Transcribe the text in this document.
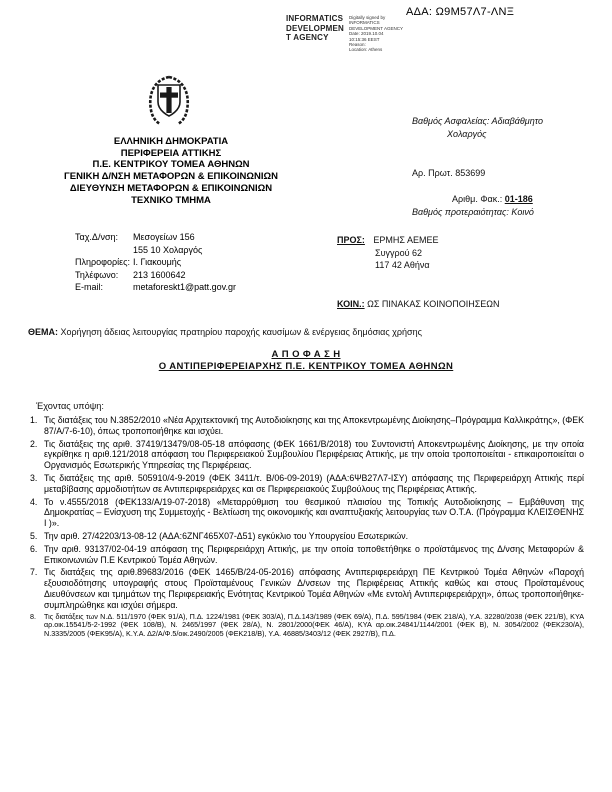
ΑΔΑ: Ω9Μ57Λ7-ΛΝΞ
INFORMATICS
DEVELOPMEN
T AGENCY
Digitally signed by
INFORMATICS
DEVELOPMENT AGENCY
Date: 2019.10.04
10:15:36 EEST
Reason:
Location: Athens
ΕΛΛΗΝΙΚΗ ΔΗΜΟΚΡΑΤΙΑ
ΠΕΡΙΦΕΡΕΙΑ ΑΤΤΙΚΗΣ
Π.Ε. ΚΕΝΤΡΙΚΟΥ ΤΟΜΕΑ ΑΘΗΝΩΝ
ΓΕΝΙΚΗ Δ/ΝΣΗ ΜΕΤΑΦΟΡΩΝ & ΕΠΙΚΟΙΝΩΝΙΩΝ
ΔΙΕΥΘΥΝΣΗ ΜΕΤΑΦΟΡΩΝ & ΕΠΙΚΟΙΝΩΝΙΩΝ
ΤΕΧΝΙΚΟ ΤΜΗΜΑ
Ταχ.Δ/νση:	Μεσογείων 156
155 10 Χολαργός
Πληροφορίες: Ι. Γιακουμής
Τηλέφωνο:	213 1600642
E-mail:	metaforeskt1@patt.gov.gr
Βαθμός Ασφαλείας: Αδιαβάθμητο
Χολαργός
Αρ. Πρωτ. 853699
Αριθμ. Φακ.: 01-186
Βαθμός προτεραιότητας: Κοινό
ΠΡΟΣ: ΕΡΜΗΣ ΑΕΜΕΕ
Συγγρού 62
117 42 Αθήνα
ΚΟΙΝ.: ΩΣ ΠΙΝΑΚΑΣ ΚΟΙΝΟΠΟΙΗΣΕΩΝ
ΘΕΜΑ: Χορήγηση άδειας λειτουργίας πρατηρίου παροχής καυσίμων & ενέργειας δημόσιας χρήσης
Α Π Ο Φ Α Σ Η
Ο ΑΝΤΙΠΕΡΙΦΕΡΕΙΑΡΧΗΣ Π.Ε. ΚΕΝΤΡΙΚΟΥ ΤΟΜΕΑ ΑΘΗΝΩΝ
Έχοντας υπόψη:
1. Τις διατάξεις του Ν.3852/2010 «Νέα Αρχιτεκτονική της Αυτοδιοίκησης και της Αποκεντρωμένης Διοίκησης–Πρόγραμμα Καλλικράτης», (ΦΕΚ 87/Α/7-6-10), όπως τροποποιήθηκε και ισχύει.
2. Τις διατάξεις της αριθ. 37419/13479/08-05-18 απόφασης (ΦΕΚ 1661/Β/2018) του Συντονιστή Αποκεντρωμένης Διοίκησης, με την οποία εγκρίθηκε η αριθ.121/2018 απόφαση του Περιφερειακού Συμβουλίου Περιφέρειας Αττικής, με την οποία τροποποιείται - επικαιροποιείται ο Οργανισμός Εσωτερικής Υπηρεσίας της Περιφέρειας.
3. Τις διατάξεις της αριθ. 505910/4-9-2019 (ΦΕΚ 3411/τ. Β/06-09-2019) (ΑΔΑ:6ΨΒ27Λ7-ΙΣΥ) απόφασης της Περιφερειάρχη Αττικής περί μεταβίβασης αρμοδιοτήτων σε Αντιπεριφερειάρχες και σε Περιφερειακούς Συμβούλους της Περιφέρειας Αττικής.
4. Το ν.4555/2018 (ΦΕΚ133/Α/19-07-2018) «Μεταρρύθμιση του θεσμικού πλαισίου της Τοπικής Αυτοδιοίκησης – Εμβάθυνση της Δημοκρατίας – Ενίσχυση της Συμμετοχής - Βελτίωση της οικονομικής και αναπτυξιακής λειτουργίας των Ο.Τ.Α. (Πρόγραμμα ΚΛΕΙΣΘΕΝΗΣ Ι )».
5. Την αριθ. 27/42203/13-08-12 (ΑΔΑ:6ΖΝΓ465Χ07-Δ51) εγκύκλιο του Υπουργείου Εσωτερικών.
6. Την αριθ. 93137/02-04-19 απόφαση της Περιφερειάρχη Αττικής, με την οποία τοποθετήθηκε ο προϊστάμενος της Δ/νσης Μεταφορών & Επικοινωνιών Π.Ε Κεντρικού Τομέα Αθηνών.
7. Τις διατάξεις της αριθ.89683/2016 (ΦΕΚ 1465/Β/24-05-2016) απόφασης Αντιπεριφερειάρχη ΠΕ Κεντρικού Τομέα Αθηνών «Παροχή εξουσιοδότησης υπογραφής στους Προϊσταμένους Γενικών Δ/νσεων της Περιφέρειας Αττικής καθώς και στους Προϊσταμένους Διευθύνσεων και τμημάτων της Περιφερειακής Ενότητας Κεντρικού Τομέα Αθηνών «Με εντολή Αντιπεριφερειάρχη», όπως τροποποιήθηκε-συμπληρώθηκε και ισχύει σήμερα.
8.	Τις διατάξεις των Ν.Δ. 511/1970 (ΦΕΚ 91/Α), Π.Δ. 1224/1981 (ΦΕΚ 303/Α), Π.Δ.143/1989 (ΦΕΚ 69/Α), Π.Δ. 595/1984 (ΦΕΚ 218/Α), Υ.Α. 32280/2038 (ΦΕΚ 221/Β), ΚΥΑ αρ.οικ.15541/5-2-1992 (ΦΕΚ 108/Β), Ν. 2465/1997 (ΦΕΚ 28/Α), Ν. 2801/2000(ΦΕΚ 46/Α), ΚΥΑ αρ.οικ.24841/1144/2001 (ΦΕΚ Β), Ν. 3054/2002 (ΦΕΚ230/Α), Ν.3335/2005 (ΦΕΚ95/Α), Κ.Υ.Α. Δ2/Α/Φ.5/οικ.2490/2005 (ΦΕΚ218/Β), Υ.Α. 46885/3403/12 (ΦΕΚ 2927/Β), Π.Δ.
